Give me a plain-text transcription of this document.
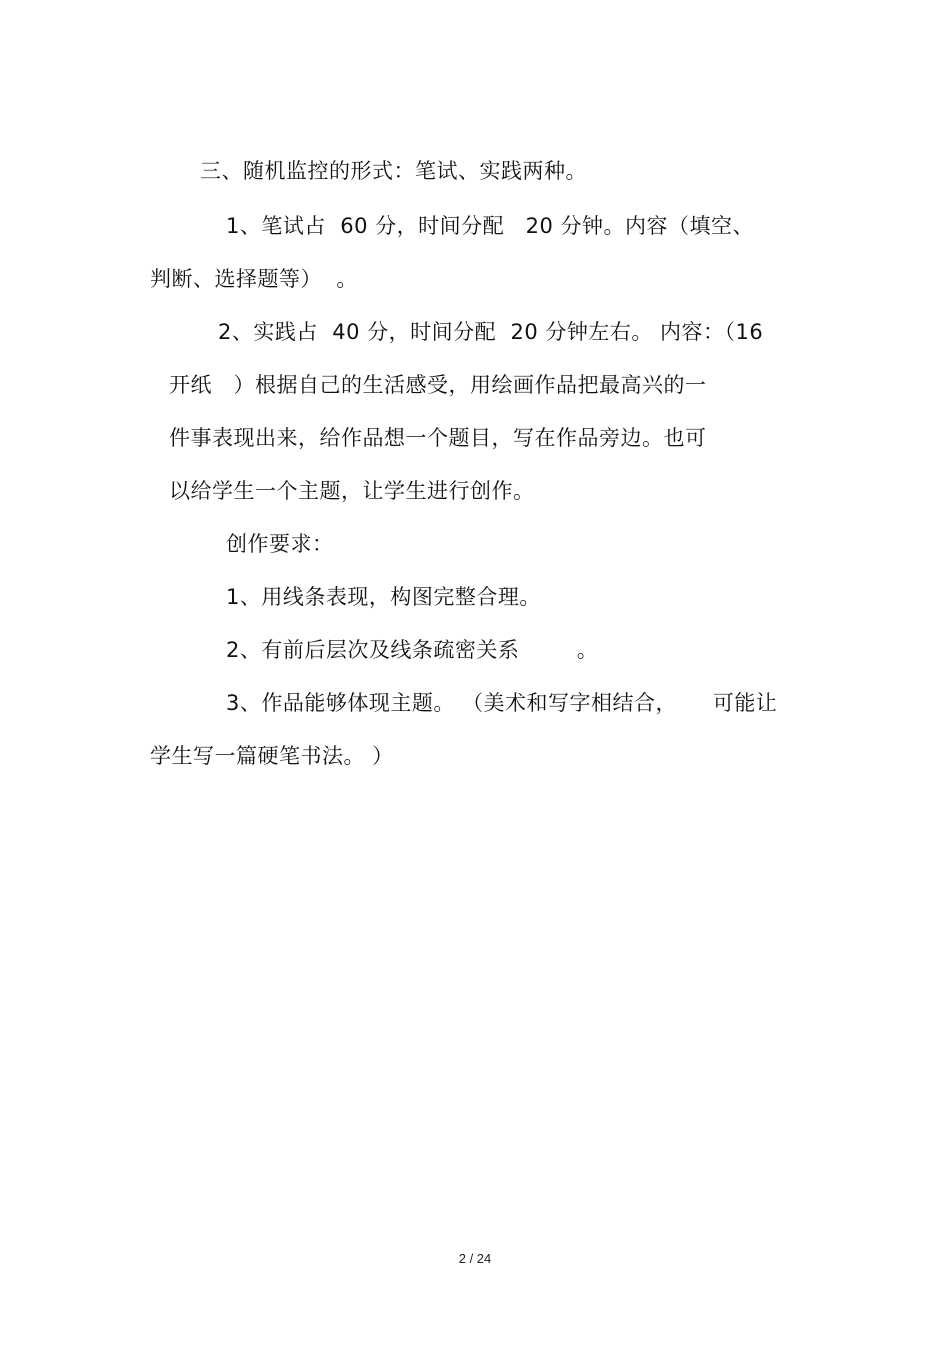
三、随机监控的形式：笔试、实践两种。
1、笔试占  60 分，时间分配   20 分钟。内容（填空、
判断、选择题等）  。
2、实践占  40 分，时间分配  20 分钟左右。 内容：（16
开纸   ）根据自己的生活感受，用绘画作品把最高兴的一
件事表现出来，给作品想一个题目，写在作品旁边。也可
以给学生一个主题，让学生进行创作。
创作要求：
1、用线条表现，构图完整合理。
2、有前后层次及线条疏密关系        。
3、作品能够体现主题。 （美术和写字相结合，     可能让
学生写一篇硬笔书法。 ）
2 / 24
